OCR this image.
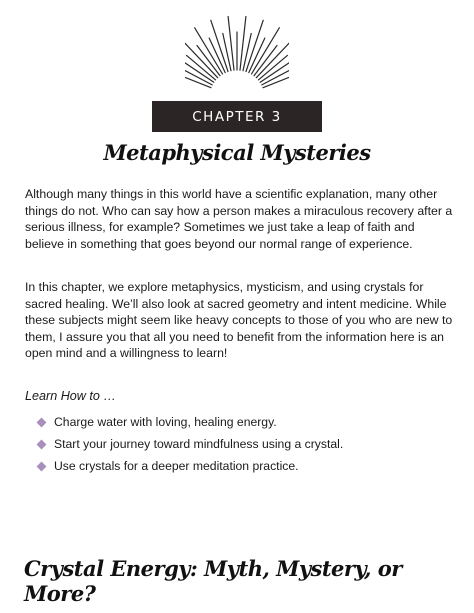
CHAPTER 3
Metaphysical Mysteries

Although many things in this world have a scientific explanation, many other things do not. Who can say how a person makes a miraculous recovery after a serious illness, for example? Sometimes we just take a leap of faith and believe in something that goes beyond our normal range of experience.

In this chapter, we explore metaphysics, mysticism, and using crystals for sacred healing. We’ll also look at sacred geometry and intent medicine. While these subjects might seem like heavy concepts to those of you who are new to them, I assure you that all you need to benefit from the information here is an open mind and a willingness to learn!

Learn How to …

Charge water with loving, healing energy.
Start your journey toward mindfulness using a crystal.
Use crystals for a deeper meditation practice.
Crystal Energy: Myth, Mystery, or More?
